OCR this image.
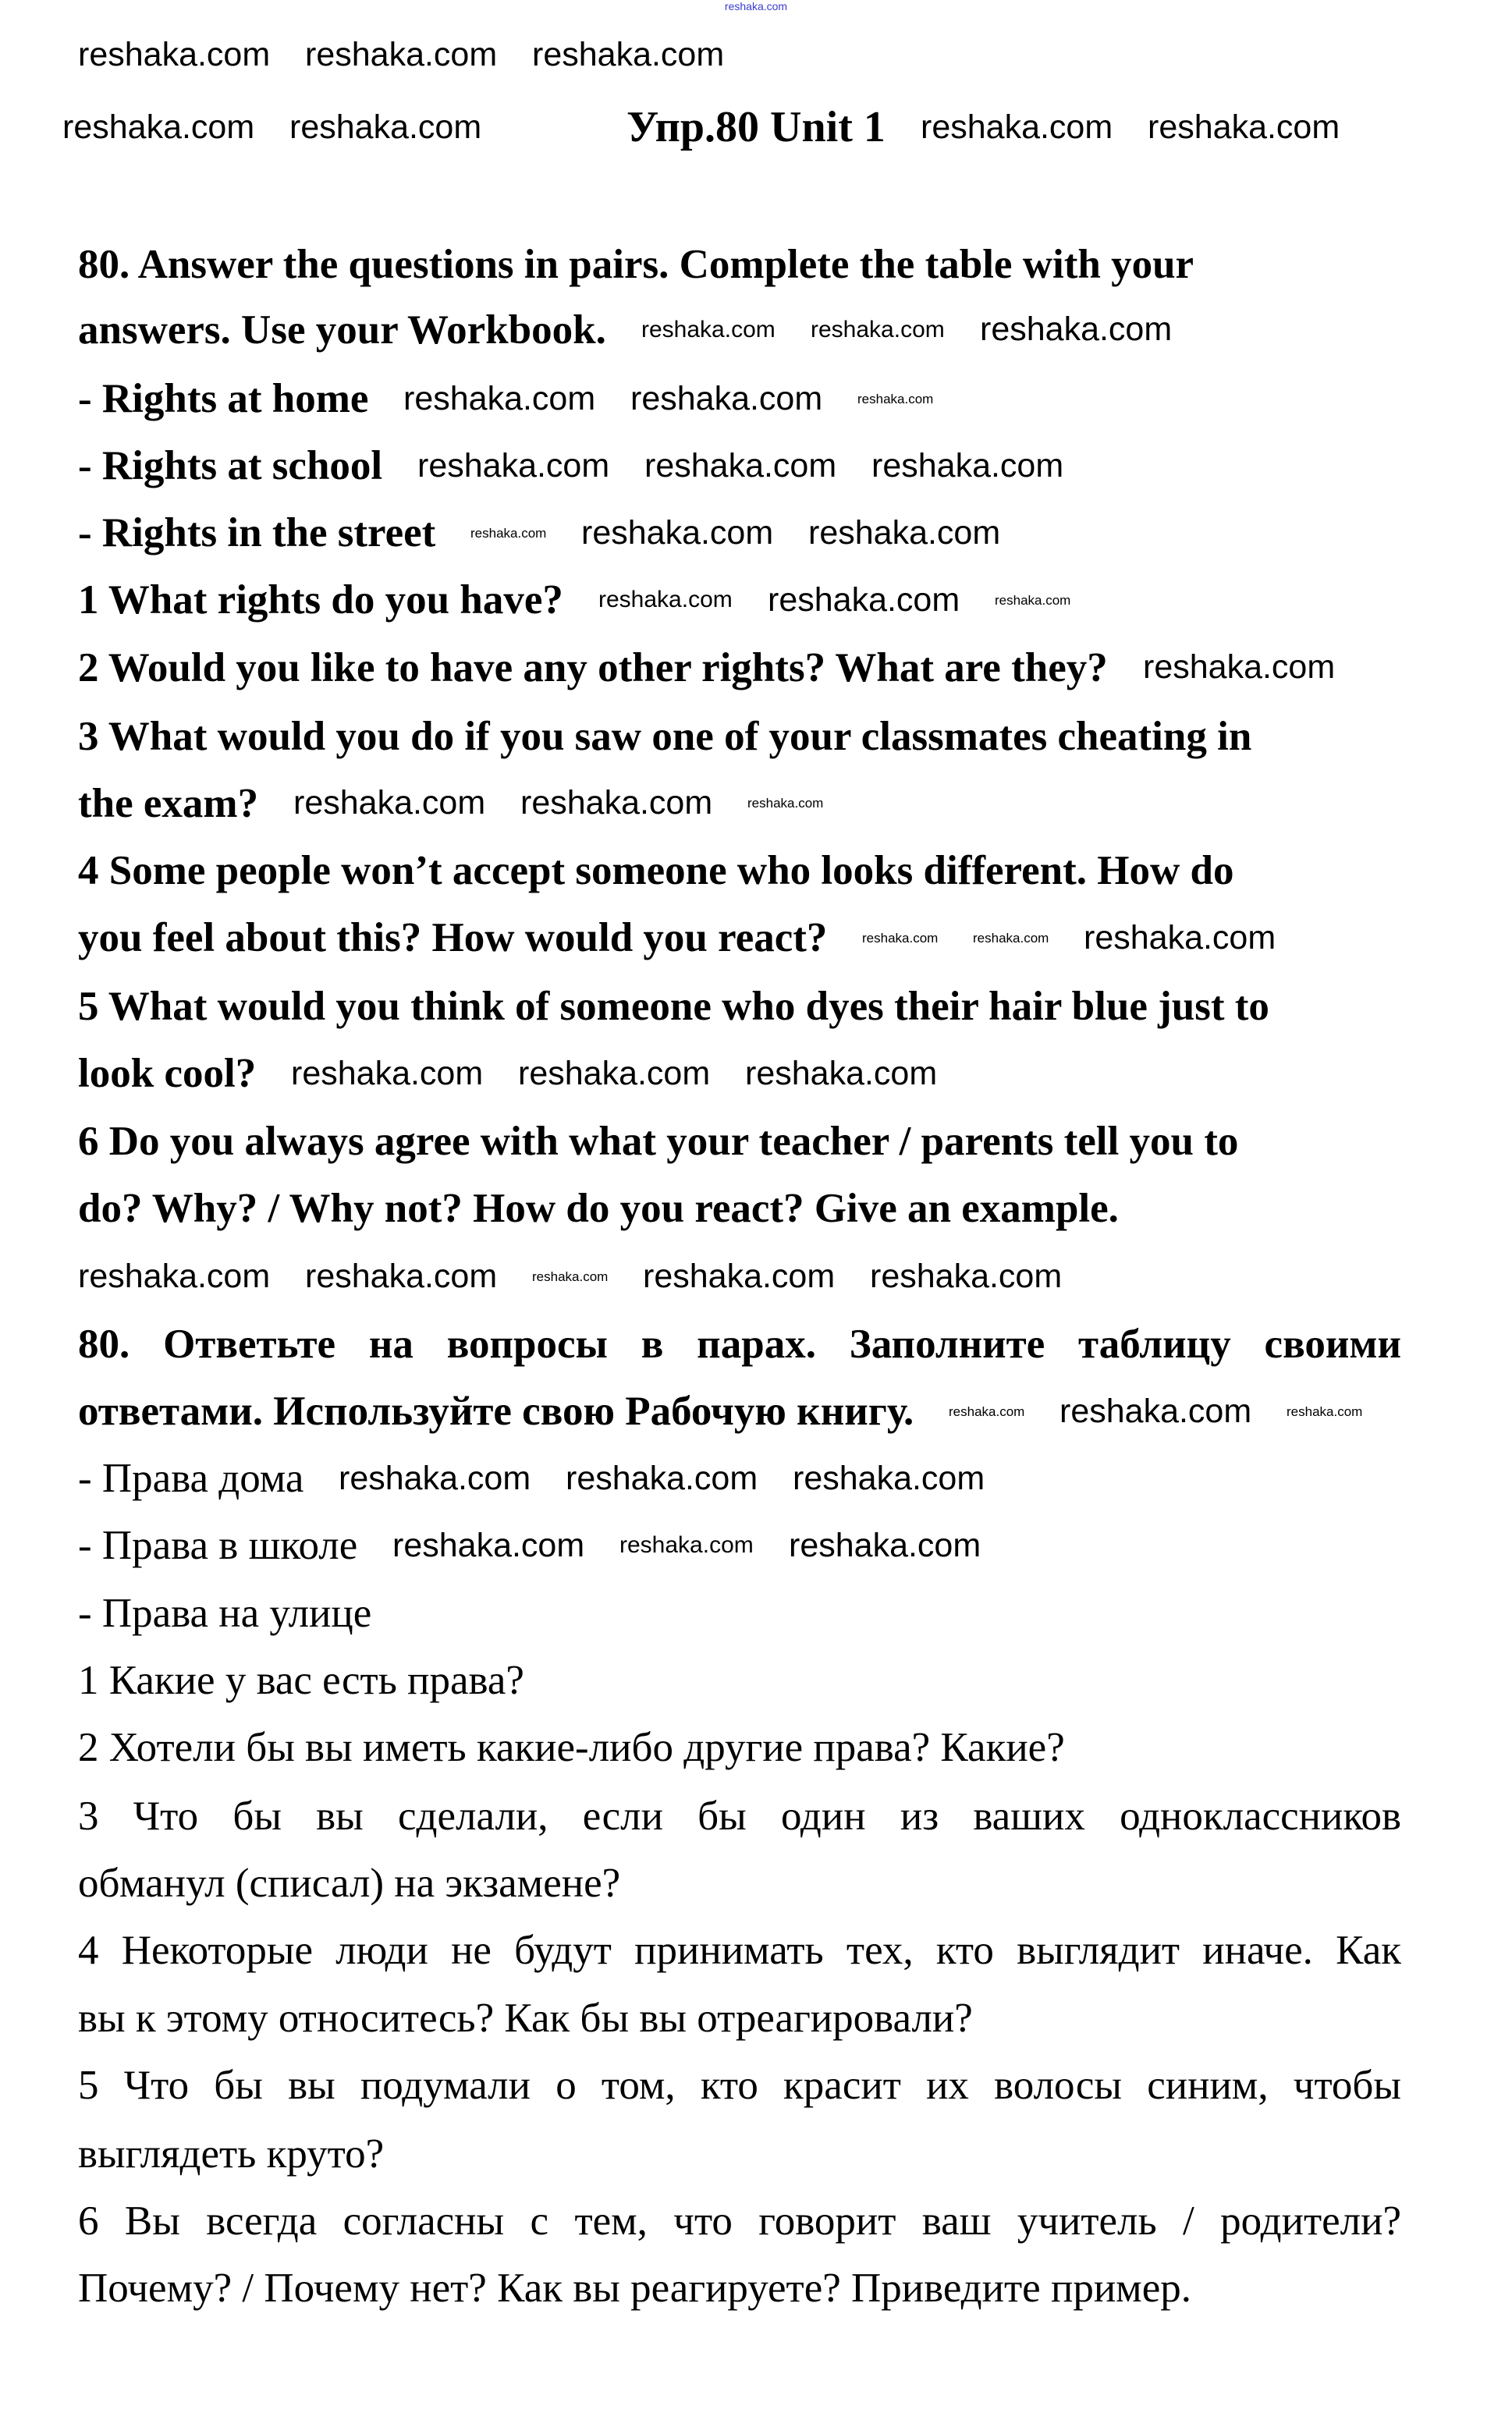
reshaka.com
Упр.80 Unit 1
80. Answer the questions in pairs. Complete the table with your
answers. Use your Workbook.
- Rights at home
- Rights at school
- Rights in the street
1 What rights do you have?
2 Would you like to have any other rights? What are they?
3 What would you do if you saw one of your classmates cheating in
the exam?
4 Some people won’t accept someone who looks different. How do
you feel about this? How would you react?
5 What would you think of someone who dyes their hair blue just to
look cool?
6 Do you always agree with what your teacher / parents tell you to
do? Why? / Why not? How do you react? Give an example.
80. Ответьте на вопросы в парах. Заполните таблицу своими
ответами. Используйте свою Рабочую книгу.
- Права дома
- Права в школе
- Права на улице
1 Какие у вас есть права?
2 Хотели бы вы иметь какие-либо другие права? Какие?
3 Что бы вы сделали, если бы один из ваших одноклассников
обманул (списал) на экзамене?
4 Некоторые люди не будут принимать тех, кто выглядит иначе. Как
вы к этому относитесь? Как бы вы отреагировали?
5 Что бы вы подумали о том, кто красит их волосы синим, чтобы
выглядеть круто?
6 Вы всегда согласны с тем, что говорит ваш учитель / родители?
Почему? / Почему нет? Как вы реагируете? Приведите пример.
reshaka.com reshaka.com reshaka.com
reshaka.com reshaka.com	reshaka.com reshaka.com
reshaka.com reshaka.com reshaka.com
reshaka.com reshaka.com	reshaka.com
reshaka.com reshaka.com reshaka.com
reshaka.com reshaka.com reshaka.com
reshaka.com reshaka.com	reshaka.com
reshaka.com
reshaka.com reshaka.com	reshaka.com
reshaka.com	reshaka.com reshaka.com
reshaka.com reshaka.com reshaka.com
reshaka.com reshaka.com	reshaka.com reshaka.com reshaka.com
reshaka.com reshaka.com	reshaka.com
reshaka.com reshaka.com reshaka.com
reshaka.com reshaka.com reshaka.com
